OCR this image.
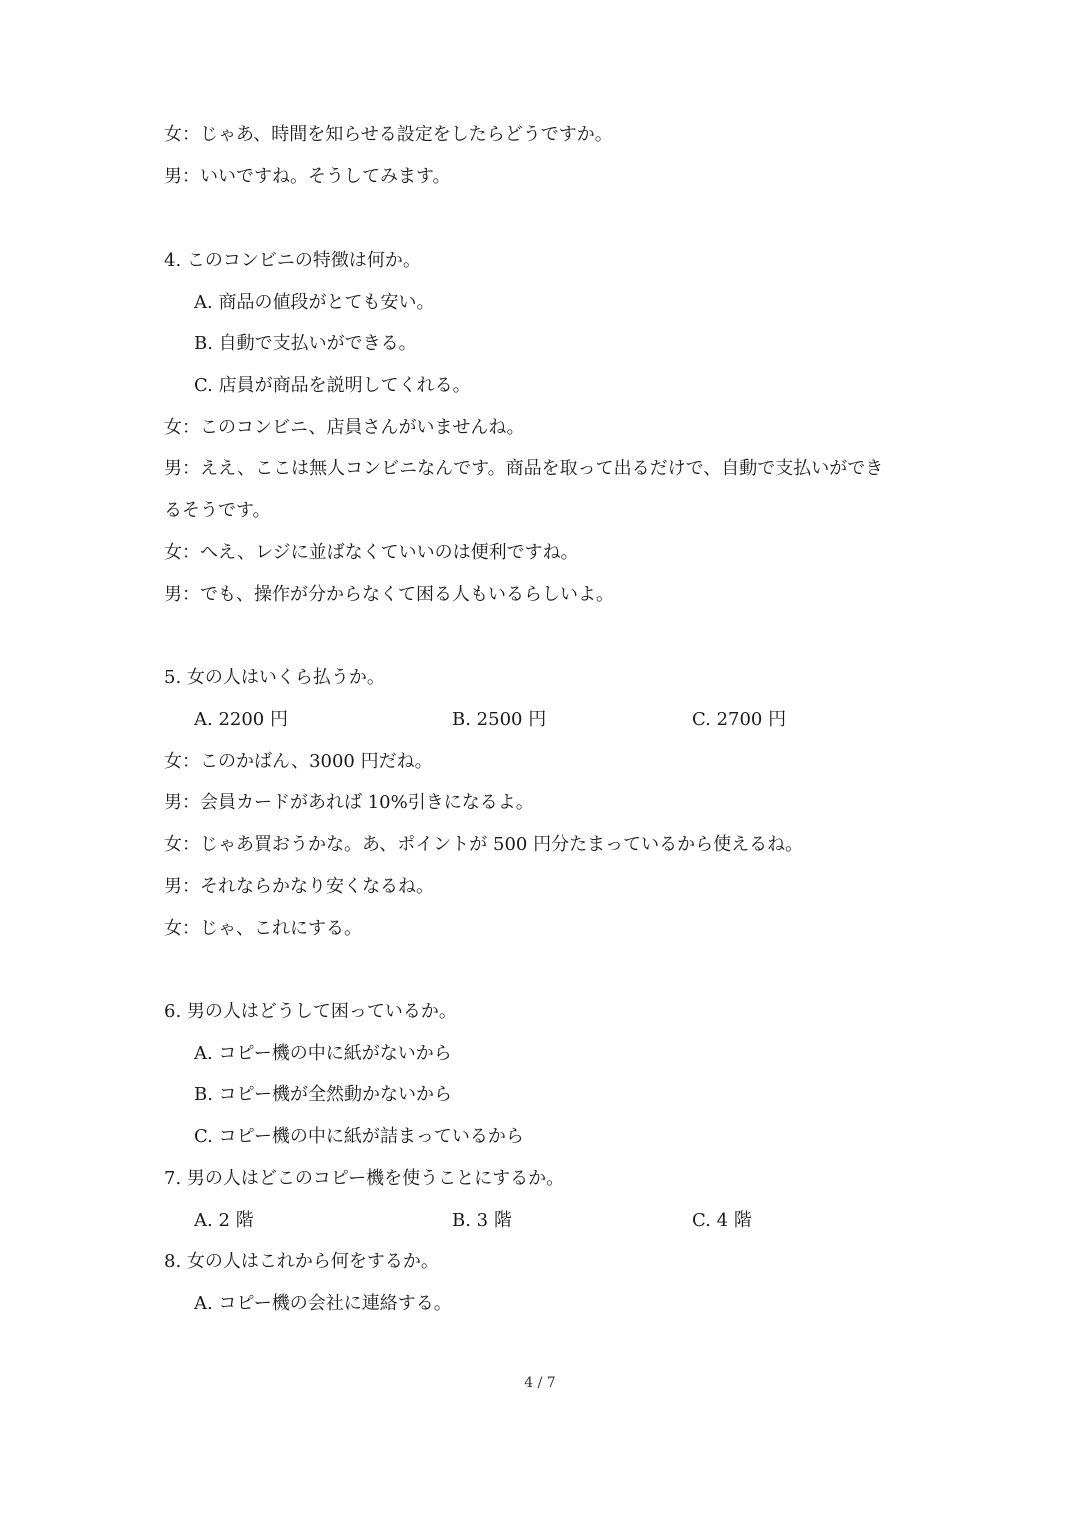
女：じゃあ、時間を知らせる設定をしたらどうですか。
男：いいですね。そうしてみます。
4. このコンビニの特徴は何か。
A. 商品の値段がとても安い。
B. 自動で支払いができる。
C. 店員が商品を説明してくれる。
女：このコンビニ、店員さんがいませんね。
男：ええ、ここは無人コンビニなんです。商品を取って出るだけで、自動で支払いができ
るそうです。
女：へえ、レジに並ばなくていいのは便利ですね。
男：でも、操作が分からなくて困る人もいるらしいよ。
5. 女の人はいくら払うか。
A. 2200 円	B. 2500 円	C. 2700 円
女：このかばん、3000 円だね。
男：会員カードがあれば 10%引きになるよ。
女：じゃあ買おうかな。あ、ポイントが 500 円分たまっているから使えるね。
男：それならかなり安くなるね。
女：じゃ、これにする。
6. 男の人はどうして困っているか。
A. コピー機の中に紙がないから
B. コピー機が全然動かないから
C. コピー機の中に紙が詰まっているから
7. 男の人はどこのコピー機を使うことにするか。
A. 2 階	B. 3 階	C. 4 階
8. 女の人はこれから何をするか。
A. コピー機の会社に連絡する。
4 / 7
